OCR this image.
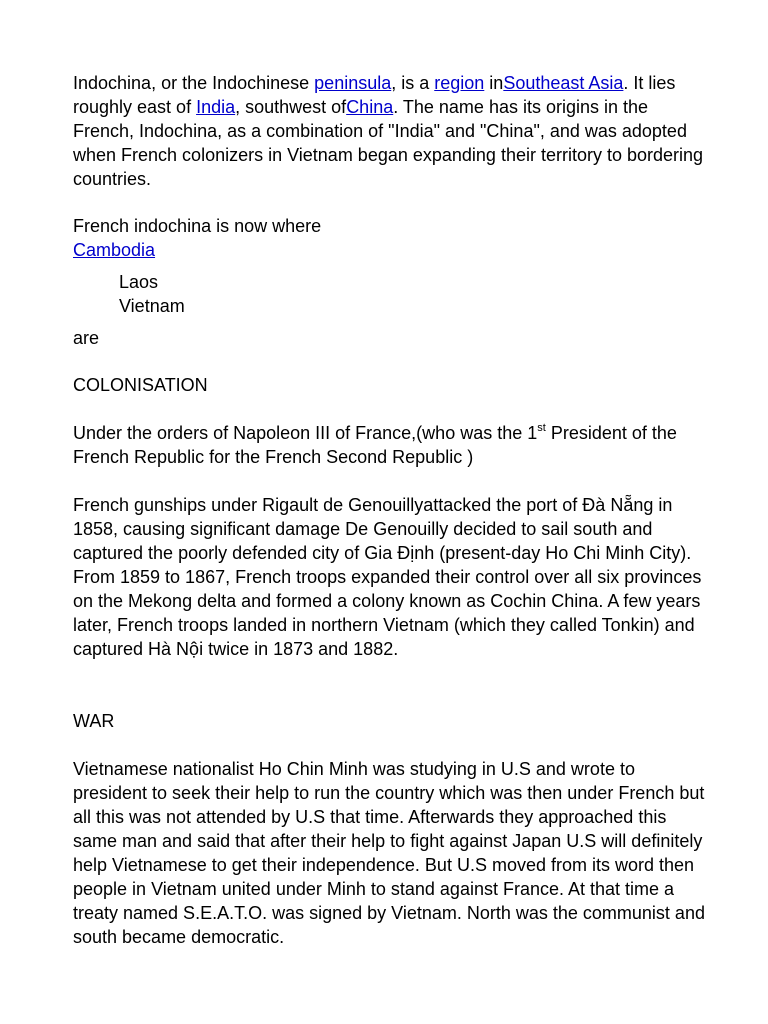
Indochina, or the Indochinese peninsula, is a region inSoutheast Asia. It lies roughly east of India, southwest ofChina. The name has its origins in the French, Indochina, as a combination of "India" and "China", and was adopted when French colonizers in Vietnam began expanding their territory to bordering countries.

French indochina is now where

Cambodia

Laos

Vietnam

are

COLONISATION

Under the orders of Napoleon III of France,(who was the 1st President of the French Republic for the French Second Republic )

French gunships under Rigault de Genouillyattacked the port of Đà Nẵng in 1858, causing significant damage De Genouilly decided to sail south and captured the poorly defended city of Gia Định (present-day Ho Chi Minh City). From 1859 to 1867, French troops expanded their control over all six provinces on the Mekong delta and formed a colony known as Cochin China. A few years later, French troops landed in northern Vietnam (which they called Tonkin) and captured Hà Nội twice in 1873 and 1882.

WAR

Vietnamese nationalist Ho Chin Minh was studying in U.S and wrote to president to seek their help to run the country which was then under French but all this was not attended by U.S that time. Afterwards they approached this same man and said that after their help to fight against Japan U.S will definitely help Vietnamese to get their independence. But U.S moved from its word then people in Vietnam united under Minh to stand against France. At that time a treaty named S.E.A.T.O. was signed by Vietnam. North was the communist and south became democratic.
